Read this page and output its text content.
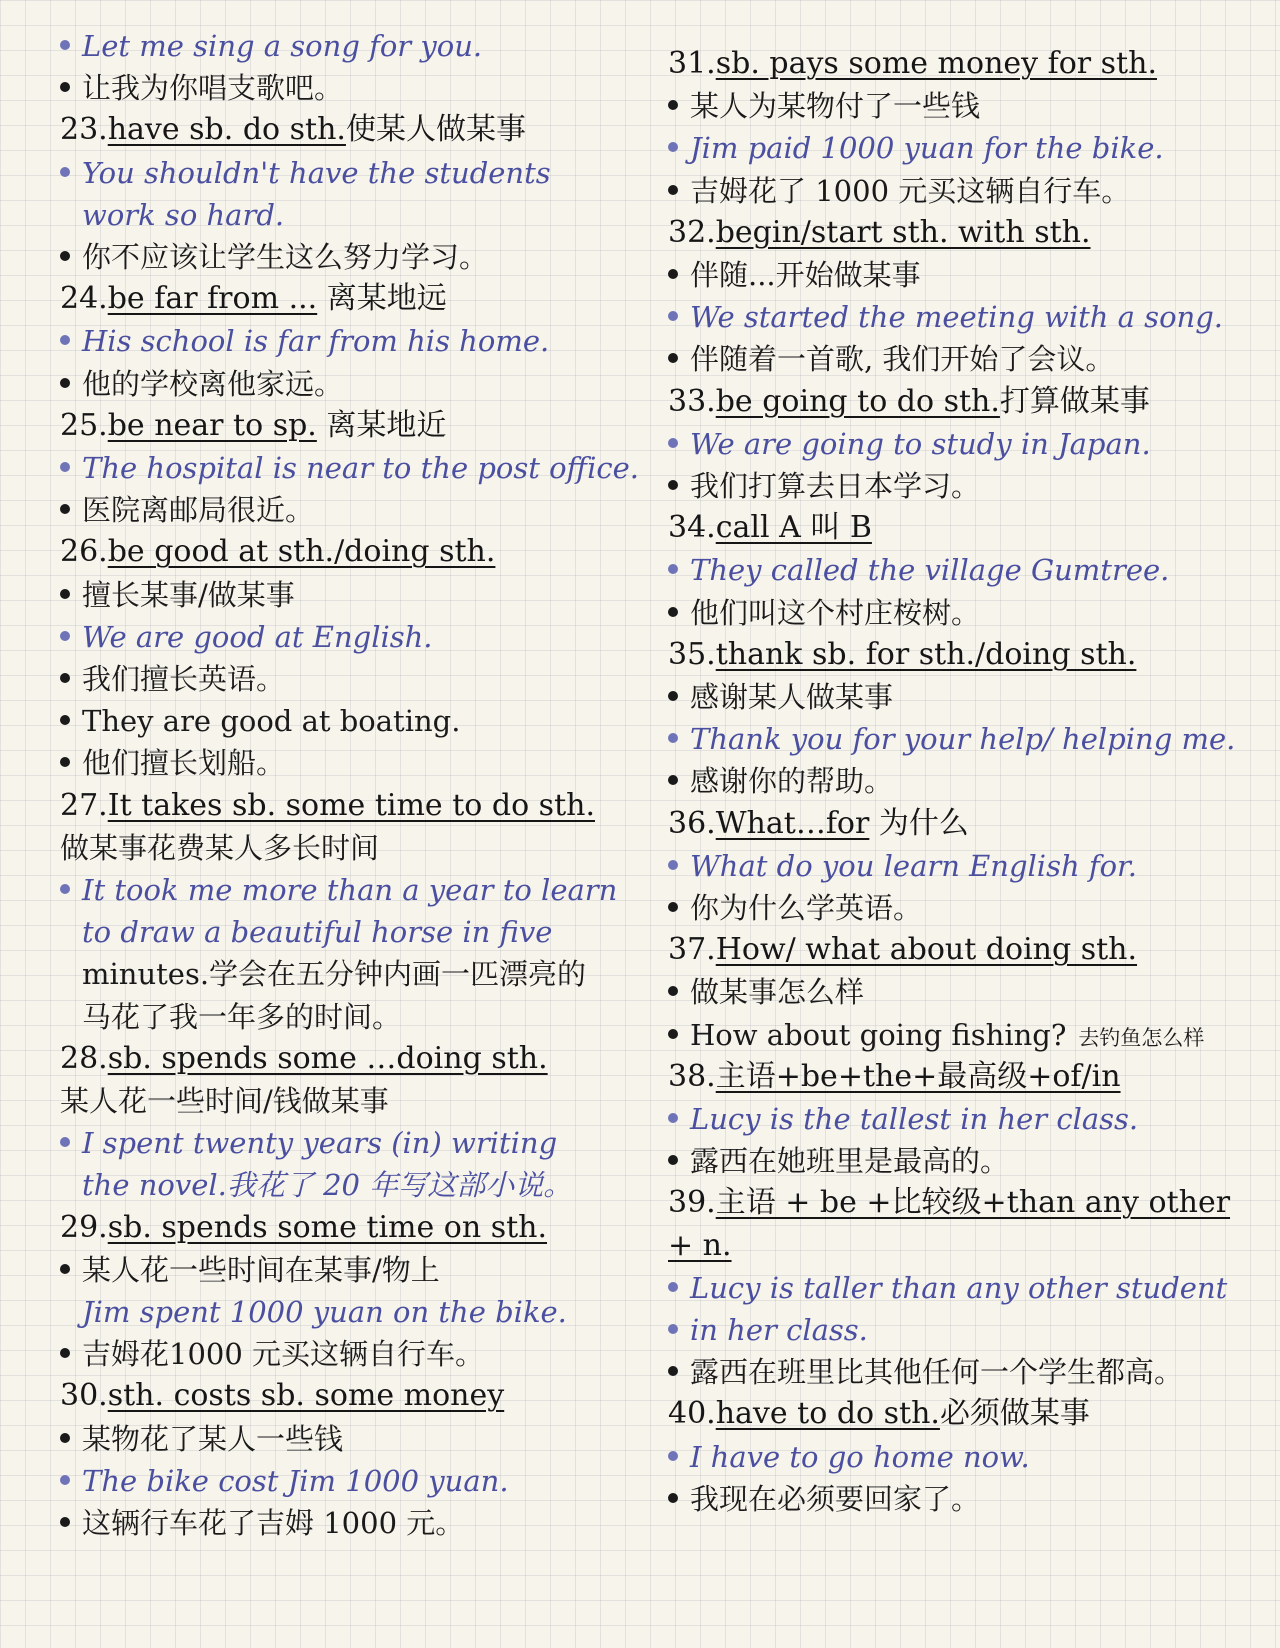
Let me sing a song for you.
让我为你唱支歌吧。
23.have sb. do sth.使某人做某事
You shouldn't have the students
work so hard.
你不应该让学生这么努力学习。
24.be far from ... 离某地远
His school is far from his home.
他的学校离他家远。
25.be near to sp. 离某地近
The hospital is near to the post office.
医院离邮局很近。
26.be good at sth./doing sth.
擅长某事/做某事
We are good at English.
我们擅长英语。
They are good at boating.
他们擅长划船。
27.It takes sb. some time to do sth.
做某事花费某人多长时间
It took me more than a year to learn
to draw a beautiful horse in five
minutes.学会在五分钟内画一匹漂亮的
马花了我一年多的时间。
28.sb. spends some …doing sth.
某人花一些时间/钱做某事
I spent twenty years (in) writing
the novel.我花了 20 年写这部小说。
29.sb. spends some time on sth.
某人花一些时间在某事/物上
Jim spent 1000 yuan on the bike.
吉姆花1000 元买这辆自行车。
30.sth. costs sb. some money
某物花了某人一些钱
The bike cost Jim 1000 yuan.
这辆行车花了吉姆 1000 元。
31.sb. pays some money for sth.
某人为某物付了一些钱
Jim paid 1000 yuan for the bike.
吉姆花了 1000 元买这辆自行车。
32.begin/start sth. with sth.
伴随...开始做某事
We started the meeting with a song.
伴随着一首歌, 我们开始了会议。
33.be going to do sth.打算做某事
We are going to study in Japan.
我们打算去日本学习。
34.call A 叫 B
They called the village Gumtree.
他们叫这个村庄桉树。
35.thank sb. for sth./doing sth.
感谢某人做某事
Thank you for your help/ helping me.
感谢你的帮助。
36.What…for 为什么
What do you learn English for.
你为什么学英语。
37.How/ what about doing sth.
做某事怎么样
How about going fishing? 去钓鱼怎么样
38.主语+be+the+最高级+of/in
Lucy is the tallest in her class.
露西在她班里是最高的。
39.主语 + be +比较级+than any other
+ n.
Lucy is taller than any other student
in her class.
露西在班里比其他任何一个学生都高。
40.have to do sth.必须做某事
I have to go home now.
我现在必须要回家了。
